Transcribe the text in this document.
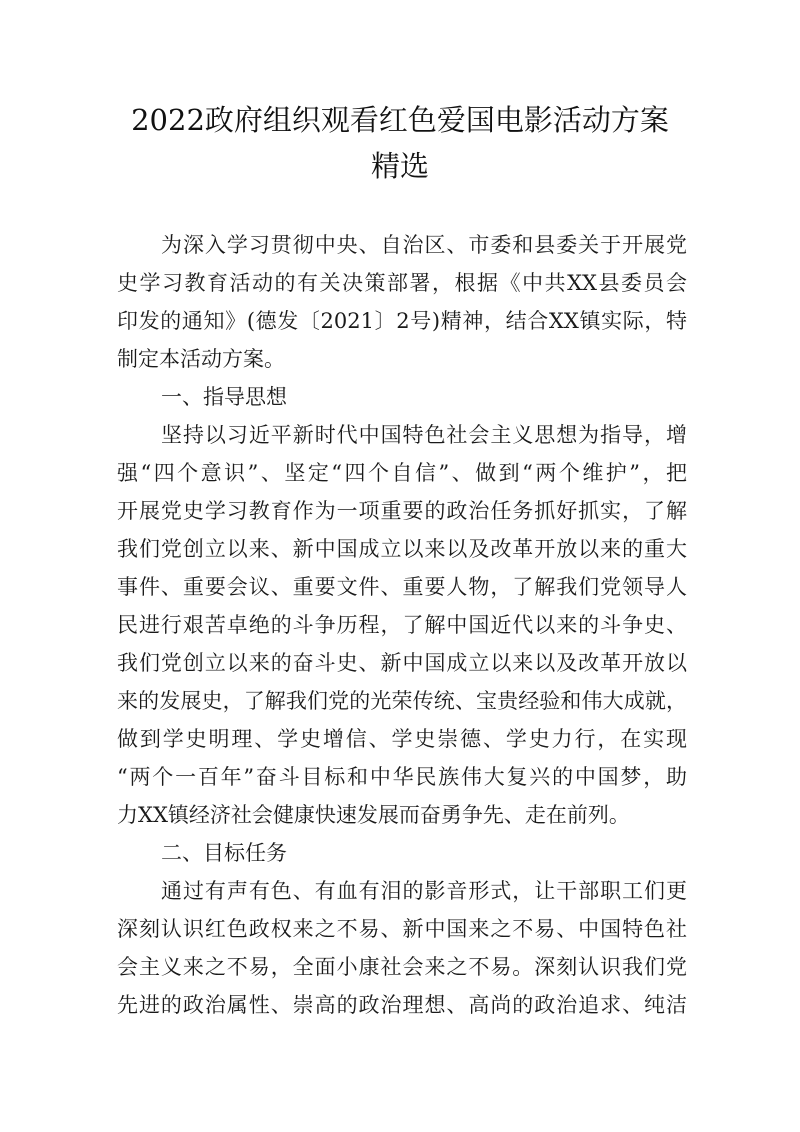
2022政府组织观看红色爱国电影活动方案
精选
为深入学习贯彻中央、自治区、市委和县委关于开展党
史学习教育活动的有关决策部署，根据《中共XX县委员会
印发的通知》(德发〔2021〕2号)精神，结合XX镇实际，特
制定本活动方案。
一、指导思想
坚持以习近平新时代中国特色社会主义思想为指导，增
强“四个意识”、坚定“四个自信”、做到“两个维护”，把
开展党史学习教育作为一项重要的政治任务抓好抓实，了解
我们党创立以来、新中国成立以来以及改革开放以来的重大
事件、重要会议、重要文件、重要人物，了解我们党领导人
民进行艰苦卓绝的斗争历程，了解中国近代以来的斗争史、
我们党创立以来的奋斗史、新中国成立以来以及改革开放以
来的发展史，了解我们党的光荣传统、宝贵经验和伟大成就，
做到学史明理、学史增信、学史崇德、学史力行，在实现
“两个一百年”奋斗目标和中华民族伟大复兴的中国梦，助
力XX镇经济社会健康快速发展而奋勇争先、走在前列。
二、目标任务
通过有声有色、有血有泪的影音形式，让干部职工们更
深刻认识红色政权来之不易、新中国来之不易、中国特色社
会主义来之不易，全面小康社会来之不易。深刻认识我们党
先进的政治属性、崇高的政治理想、高尚的政治追求、纯洁
